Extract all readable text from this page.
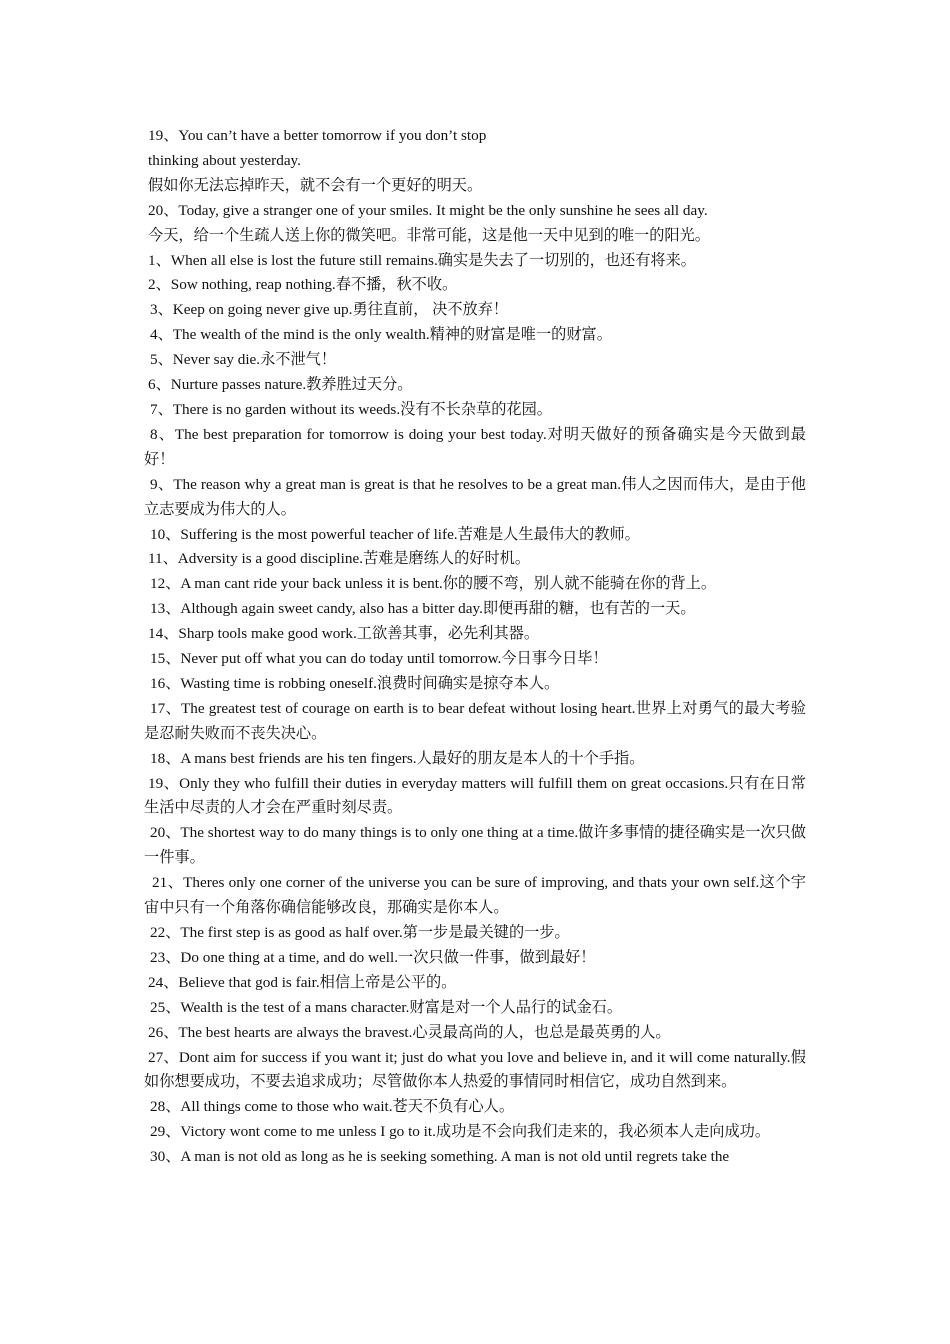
19、You can’t have a better tomorrow if you don’t stop

thinking about yesterday.

假如你无法忘掉昨天，就不会有一个更好的明天。

20、Today, give a stranger one of your smiles. It might be the only sunshine he sees all day.

今天，给一个生疏人送上你的微笑吧。非常可能，这是他一天中见到的唯一的阳光。

1、When all else is lost the future still remains.确实是失去了一切别的，也还有将来。

2、Sow nothing, reap nothing.春不播，秋不收。

3、Keep on going never give up.勇往直前， 决不放弃！

4、The wealth of the mind is the only wealth.精神的财富是唯一的财富。

5、Never say die.永不泄气！

6、Nurture passes nature.教养胜过天分。

7、There is no garden without its weeds.没有不长杂草的花园。

8、The best preparation for tomorrow is doing your best today.对明天做好的预备确实是今天做到最好！

9、The reason why a great man is great is that he resolves to be a great man.伟人之因而伟大，是由于他立志要成为伟大的人。

10、Suffering is the most powerful teacher of life.苦难是人生最伟大的教师。

11、Adversity is a good discipline.苦难是磨练人的好时机。

12、A man cant ride your back unless it is bent.你的腰不弯，别人就不能骑在你的背上。

13、Although again sweet candy, also has a bitter day.即便再甜的糖，也有苦的一天。

14、Sharp tools make good work.工欲善其事，必先利其器。

15、Never put off what you can do today until tomorrow.今日事今日毕！

16、Wasting time is robbing oneself.浪费时间确实是掠夺本人。

17、The greatest test of courage on earth is to bear defeat without losing heart.世界上对勇气的最大考验是忍耐失败而不丧失决心。

18、A mans best friends are his ten fingers.人最好的朋友是本人的十个手指。

19、Only they who fulfill their duties in everyday matters will fulfill them on great occasions.只有在日常生活中尽责的人才会在严重时刻尽责。

20、The shortest way to do many things is to only one thing at a time.做许多事情的捷径确实是一次只做一件事。

21、Theres only one corner of the universe you can be sure of improving, and thats your own self.这个宇宙中只有一个角落你确信能够改良，那确实是你本人。

22、The first step is as good as half over.第一步是最关键的一步。

23、Do one thing at a time, and do well.一次只做一件事，做到最好！

24、Believe that god is fair.相信上帝是公平的。

25、Wealth is the test of a mans character.财富是对一个人品行的试金石。

26、The best hearts are always the bravest.心灵最高尚的人，也总是最英勇的人。

27、Dont aim for success if you want it; just do what you love and believe in, and it will come naturally.假如你想要成功，不要去追求成功；尽管做你本人热爱的事情同时相信它，成功自然到来。

28、All things come to those who wait.苍天不负有心人。

29、Victory wont come to me unless I go to it.成功是不会向我们走来的，我必须本人走向成功。

30、A man is not old as long as he is seeking something. A man is not old until regrets take the
